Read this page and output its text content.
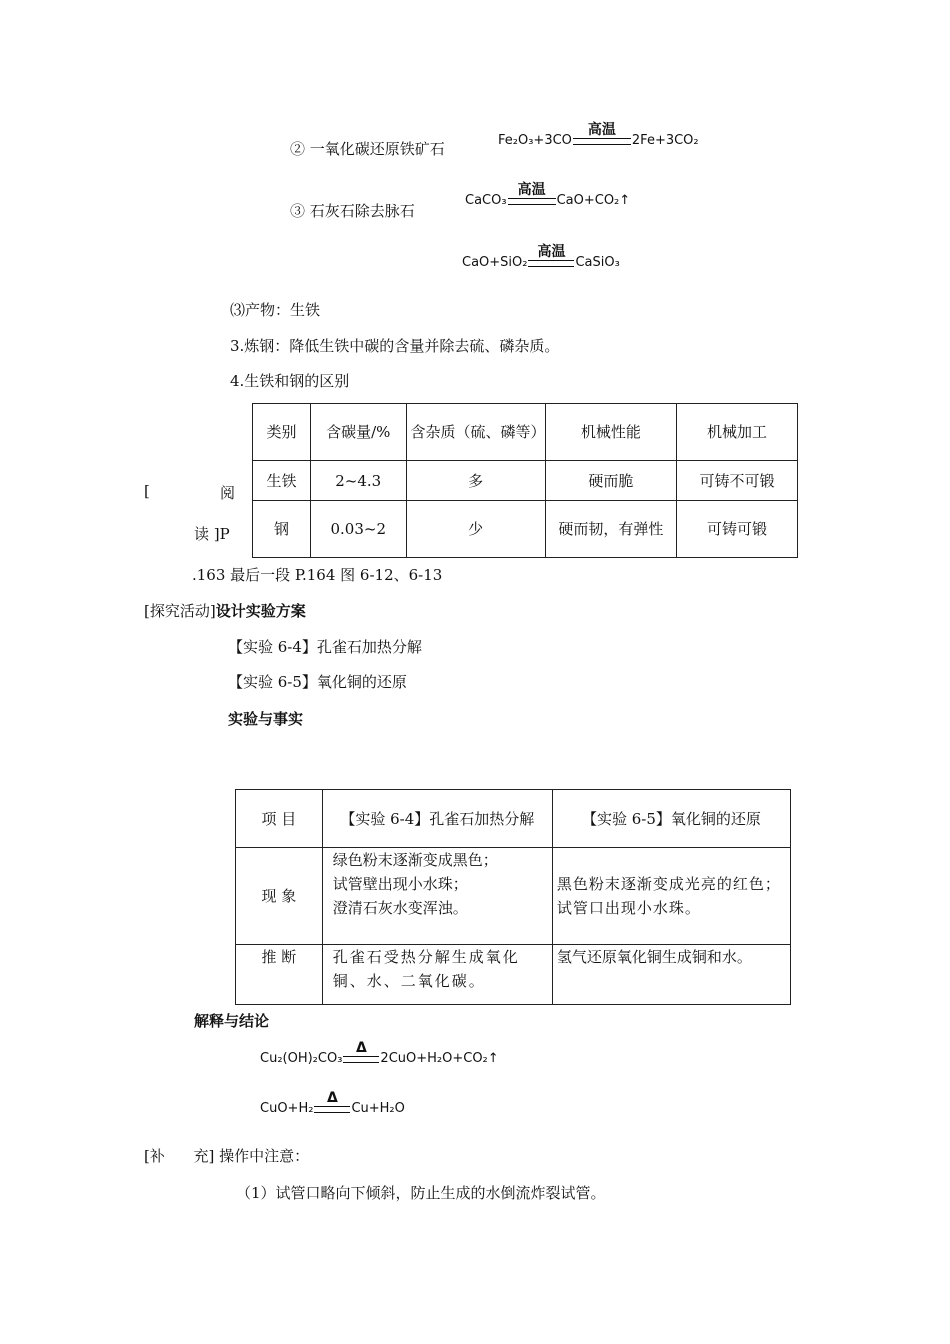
② 一氧化碳还原铁矿石	Fe₂O₃+3CO
高温
2Fe+3CO₂
③ 石灰石除去脉石
CaCO₃
高温
CaO+CO₂↑
CaO+SiO₂
高温
CaSiO₃
⑶产物：生铁
3.炼钢：降低生铁中碳的含量并除去硫、磷杂质。
4.生铁和钢的区别
类别	含碳量/%	含杂质（硫、磷等）	机械性能	机械加工
生铁	2~4.3	多	硬而脆	可铸不可锻
钢	0.03~2	少	硬而韧，有弹性	可铸可锻
[	阅
读 ]P
.163 最后一段 P.164 图 6-12、6-13
[探究活动]设计实验方案
【实验 6-4】孔雀石加热分解
【实验 6-5】氧化铜的还原
实验与事实
项 目	【实验 6-4】孔雀石加热分解	【实验 6-5】氧化铜的还原
现 象	绿色粉末逐渐变成黑色；
试管壁出现小水珠；
澄清石灰水变浑浊。	黑色粉末逐渐变成光亮的红色；
试管口出现小水珠。

推 断	孔雀石受热分解生成氧化铜、水、二氧化碳。	氢气还原氧化铜生成铜和水。
解释与结论
Cu₂(OH)₂CO₃
Δ
2CuO+H₂O+CO₂↑
CuO+H₂
Δ
Cu+H₂O
[补      充] 操作中注意：
（1）试管口略向下倾斜，防止生成的水倒流炸裂试管。
